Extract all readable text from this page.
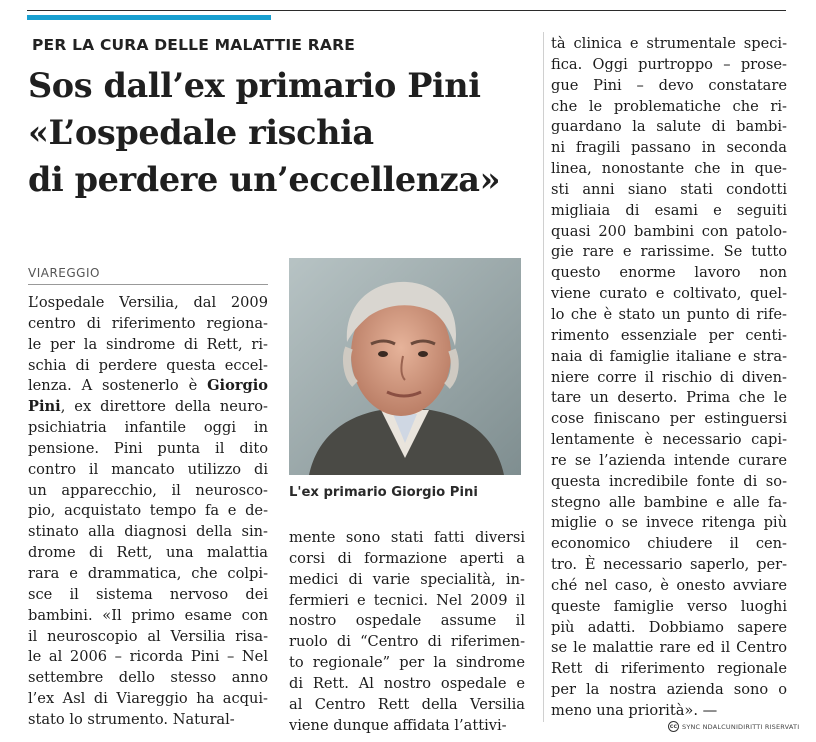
PER LA CURA DELLE MALATTIE RARE
Sos dall’ex primario Pini
«L’ospedale rischia
di perdere un’eccellenza»
VIAREGGIO
L’ospedale Versilia, dal 2009
centro di riferimento regiona-
le per la sindrome di Rett, ri-
schia di perdere questa eccel-
lenza. A sostenerlo è Giorgio
Pini, ex direttore della neuro-
psichiatria infantile oggi in
pensione. Pini punta il dito
contro il mancato utilizzo di
un apparecchio, il neurosco-
pio, acquistato tempo fa e de-
stinato alla diagnosi della sin-
drome di Rett, una malattia
rara e drammatica, che colpi-
sce il sistema nervoso dei
bambini. «Il primo esame con
il neuroscopio al Versilia risa-
le al 2006 – ricorda Pini – Nel
settembre dello stesso anno
l’ex Asl di Viareggio ha acqui-
stato lo strumento. Natural-
L'ex primario Giorgio Pini
mente sono stati fatti diversi
corsi di formazione aperti a
medici di varie specialità, in-
fermieri e tecnici. Nel 2009 il
nostro ospedale assume il
ruolo di “Centro di riferimen-
to regionale” per la sindrome
di Rett. Al nostro ospedale e
al Centro Rett della Versilia
viene dunque affidata l’attivi-
tà clinica e strumentale speci-
fica. Oggi purtroppo – prose-
gue Pini – devo constatare
che le problematiche che ri-
guardano la salute di bambi-
ni fragili passano in seconda
linea, nonostante che in que-
sti anni siano stati condotti
migliaia di esami e seguiti
quasi 200 bambini con patolo-
gie rare e rarissime. Se tutto
questo enorme lavoro non
viene curato e coltivato, quel-
lo che è stato un punto di rife-
rimento essenziale per centi-
naia di famiglie italiane e stra-
niere corre il rischio di diven-
tare un deserto. Prima che le
cose finiscano per estinguersi
lentamente è necessario capi-
re se l’azienda intende curare
questa incredibile fonte di so-
stegno alle bambine e alle fa-
miglie o se invece ritenga più
economico chiudere il cen-
tro. È necessario saperlo, per-
ché nel caso, è onesto avviare
queste famiglie verso luoghi
più adatti. Dobbiamo sapere
se le malattie rare ed il Centro
Rett di riferimento regionale
per la nostra azienda sono o
meno una priorità». —
cc SYNC NDALCUNIDIRITTI RISERVATI
